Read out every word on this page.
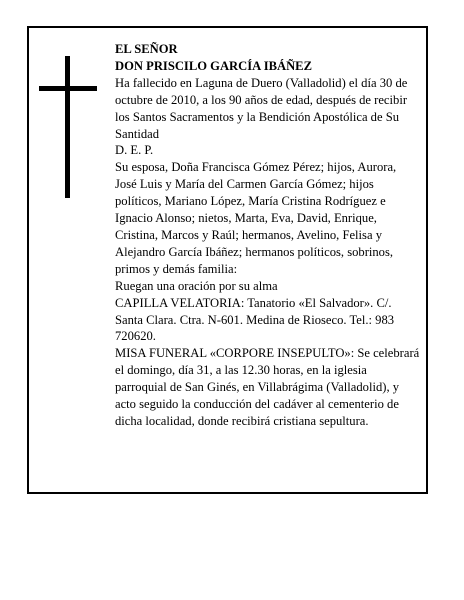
EL SEÑOR

DON PRISCILO GARCÍA IBÁÑEZ

Ha fallecido en Laguna de Duero (Valladolid) el día 30 de octubre de 2010, a los 90 años de edad, después de recibir los Santos Sacramentos y la Bendición Apostólica de Su Santidad

D. E. P.

Su esposa, Doña Francisca Gómez Pérez; hijos, Aurora, José Luis y María del Carmen García Gómez; hijos políticos, Mariano López, María Cristina Rodríguez e Ignacio Alonso; nietos, Marta, Eva, David, Enrique, Cristina, Marcos y Raúl; hermanos, Avelino, Felisa y Alejandro García Ibáñez; hermanos políticos, sobrinos, primos y demás familia:

Ruegan una oración por su alma

CAPILLA VELATORIA: Tanatorio «El Salvador». C/. Santa Clara. Ctra. N-601. Medina de Rioseco. Tel.: 983 720620.

MISA FUNERAL «CORPORE INSEPULTO»: Se celebrará el domingo, día 31, a las 12.30 horas, en la iglesia parroquial de San Ginés, en Villabrágima (Valladolid), y acto seguido la conducción del cadáver al cementerio de dicha localidad, donde recibirá cristiana sepultura.
